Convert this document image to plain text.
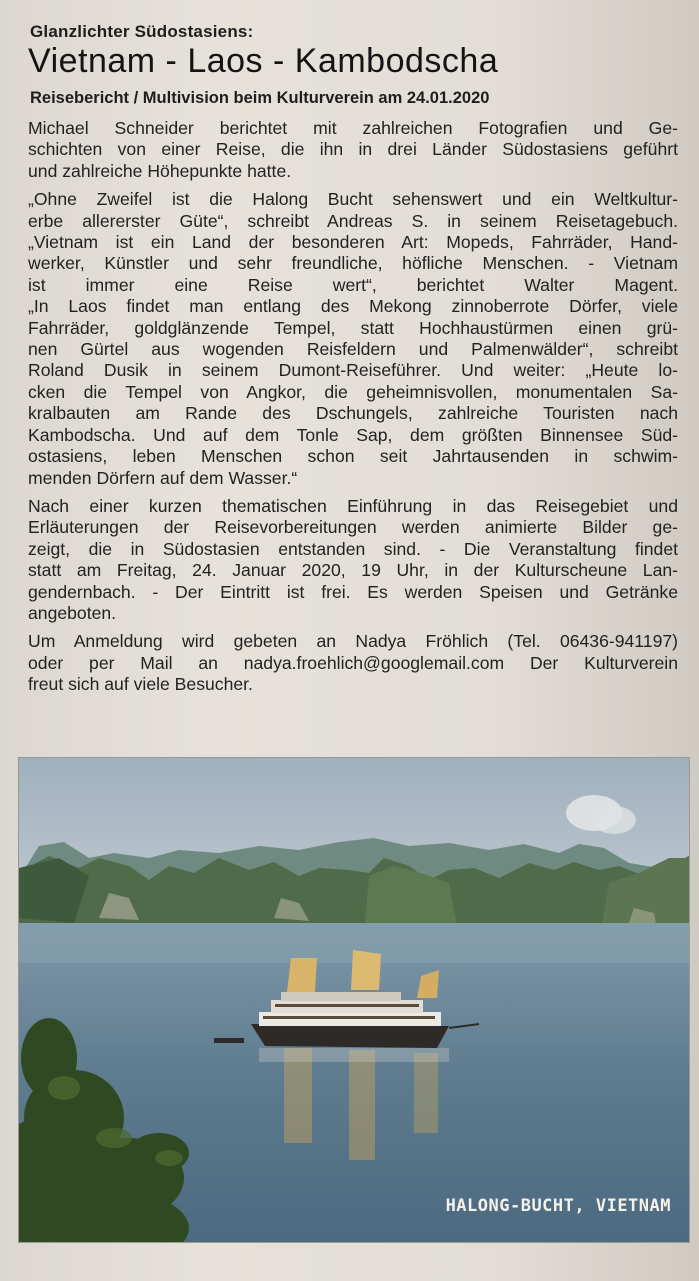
Glanzlichter Südostasiens:
Vietnam - Laos - Kambodscha
Reisebericht / Multivision beim Kulturverein am 24.01.2020
Michael Schneider berichtet mit zahlreichen Fotografien und Ge-
schichten von einer Reise, die ihn in drei Länder Südostasiens geführt
und zahlreiche Höhepunkte hatte.
„Ohne Zweifel ist die Halong Bucht sehenswert und ein Weltkultur-
erbe allererster Güte“, schreibt Andreas S. in seinem Reisetagebuch.
„Vietnam ist ein Land der besonderen Art: Mopeds, Fahrräder, Hand-
werker, Künstler und sehr freundliche, höfliche Menschen. - Vietnam
ist immer eine Reise wert“, berichtet Walter Magent.
„In Laos findet man entlang des Mekong zinnoberrote Dörfer, viele
Fahrräder, goldglänzende Tempel, statt Hochhaustürmen einen grü-
nen Gürtel aus wogenden Reisfeldern und Palmenwälder“, schreibt
Roland Dusik in seinem Dumont-Reiseführer. Und weiter: „Heute lo-
cken die Tempel von Angkor, die geheimnisvollen, monumentalen Sa-
kralbauten am Rande des Dschungels, zahlreiche Touristen nach
Kambodscha. Und auf dem Tonle Sap, dem größten Binnensee Süd-
ostasiens, leben Menschen schon seit Jahrtausenden in schwim-
menden Dörfern auf dem Wasser.“
Nach einer kurzen thematischen Einführung in das Reisegebiet und
Erläuterungen der Reisevorbereitungen werden animierte Bilder ge-
zeigt, die in Südostasien entstanden sind. - Die Veranstaltung findet
statt am Freitag, 24. Januar 2020, 19 Uhr, in der Kulturscheune Lan-
gendernbach. - Der Eintritt ist frei. Es werden Speisen und Getränke
angeboten.
Um Anmeldung wird gebeten an Nadya Fröhlich (Tel. 06436-941197)
oder per Mail an nadya.froehlich@googlemail.com Der Kulturverein
freut sich auf viele Besucher.
HALONG-BUCHT, VIETNAM
